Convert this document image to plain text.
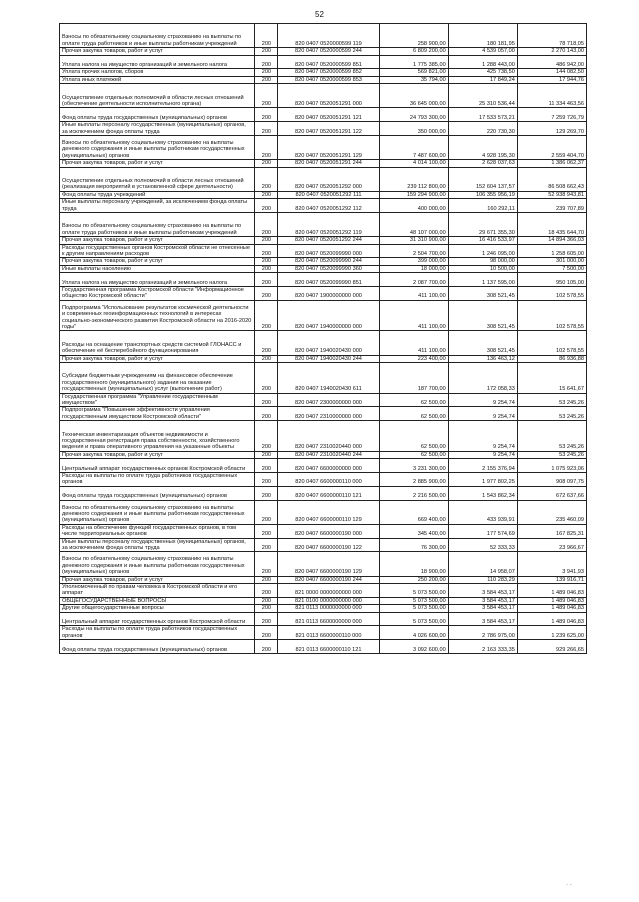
52
Взносы по обязательному социальному страхованию на выплаты по оплате труда работников и иные выплаты работникам учреждений	200	820 0407 0520000599 119	258 900,00	180 181,95	78 718,05
Прочая закупка товаров, работ и услуг	200	820 0407 0520000599 244	6 809 200,00	4 539 057,00	2 270 143,00
Уплата налога на имущество организаций и земельного налога	200	820 0407 0520000599 851	1 775 385,00	1 288 443,00	486 942,00
Уплата прочих налогов, сборов	200	820 0407 0520000599 852	569 821,00	425 738,50	144 082,50
Уплата иных платежей	200	820 0407 0520000599 853	35 794,00	17 849,24	17 944,76
Осуществление отдельных полномочий в области лесных отношений (обеспечение деятельности исполнительного органа)	200	820 0407 0520051291 000	36 645 000,00	25 310 536,44	11 334 463,56
Фонд оплаты труда государственных (муниципальных) органов	200	820 0407 0520051291 121	24 793 300,00	17 533 573,21	7 259 726,79
Иные выплаты персоналу государственных (муниципальных) органов, за исключением фонда оплаты труда	200	820 0407 0520051291 122	350 000,00	220 730,30	129 269,70
Взносы по обязательному социальному страхованию на выплаты денежного содержания и иные выплаты работникам государственных (муниципальных) органов	200	820 0407 0520051291 129	7 487 600,00	4 928 195,30	2 559 404,70
Прочая закупка товаров, работ и услуг	200	820 0407 0520051291 244	4 014 100,00	2 628 037,63	1 386 062,37
Осуществление отдельных полномочий в области лесных отношений (реализация мероприятий в установленной сфере деятельности)	200	820 0407 0520051292 000	239 112 800,00	152 604 137,57	86 508 662,43
Фонд оплаты труда учреждений	200	820 0407 0520051292 111	159 294 900,00	106 355 956,19	52 938 943,81
Иные выплаты персоналу учреждений, за исключением фонда оплаты труда	200	820 0407 0520051292 112	400 000,00	160 292,11	239 707,89
Взносы по обязательному социальному страхованию на выплаты по оплате труда работников и иные выплаты работникам учреждений	200	820 0407 0520051292 119	48 107 000,00	29 671 355,30	18 435 644,70
Прочая закупка товаров, работ и услуг	200	820 0407 0520051292 244	31 310 900,00	16 416 533,97	14 894 366,03
Расходы государственных органов Костромской области не отнесенные к другим направлениям расходов	200	820 0407 0520099990 000	2 504 700,00	1 246 095,00	1 258 605,00
Прочая закупка товаров, работ и услуг	200	820 0407 0520099990 244	399 000,00	98 000,00	301 000,00
Иные выплаты населению	200	820 0407 0520099990 360	18 000,00	10 500,00	7 500,00
Уплата налога на имущество организаций и земельного налога	200	820 0407 0520099990 851	2 087 700,00	1 137 595,00	950 105,00
Государственная программа Костромской области "Информационное общество Костромской области"	200	820 0407 1900000000 000	411 100,00	308 521,45	102 578,55
Подпрограмма "Использование результатов космической деятельности и современных геоинформационных технологий в интересах социально-экономического развития Костромской области на 2016-2020 годы"	200	820 0407 1940000000 000	411 100,00	308 521,45	102 578,55
Расходы на оснащение транспортных средств системой ГЛОНАСС и обеспечение её бесперебойного функционирования	200	820 0407 1940020430 000	411 100,00	308 521,45	102 578,55
Прочая закупка товаров, работ и услуг	200	820 0407 1940020430 244	223 400,00	136 463,12	86 936,88
Субсидии бюджетным учреждениям на финансовое обеспечение государственного (муниципального) задания на оказание государственных (муниципальных) услуг (выполнение работ)	200	820 0407 1940020430 611	187 700,00	172 058,33	15 641,67
Государственная программа "Управление государственным имуществом"	200	820 0407 2300000000 000	62 500,00	9 254,74	53 245,26
Подпрограмма "Повышение эффективности управления государственным имуществом Костромской области"	200	820 0407 2310000000 000	62 500,00	9 254,74	53 245,26
Техническая инвентаризация объектов недвижимости и государственная регистрация права собственности, хозяйственного ведения и права оперативного управления на указанные объекты	200	820 0407 2310020440 000	62 500,00	9 254,74	53 245,26
Прочая закупка товаров, работ и услуг	200	820 0407 2310020440 244	62 500,00	9 254,74	53 245,26
Центральный аппарат государственных органов Костромской области	200	820 0407 6600000000 000	3 231 300,00	2 155 376,94	1 075 923,06
Расходы на выплаты по оплате труда работников государственных органов	200	820 0407 6600000110 000	2 885 900,00	1 977 802,25	908 097,75
Фонд оплаты труда государственных (муниципальных) органов	200	820 0407 6600000110 121	2 216 500,00	1 543 862,34	672 637,66
Взносы по обязательному социальному страхованию на выплаты денежного содержания и иные выплаты работникам государственных (муниципальных) органов	200	820 0407 6600000110 129	669 400,00	433 939,91	235 460,09
Расходы на обеспечение функций государственных органов, в том числе территориальных органов	200	820 0407 6600000190 000	345 400,00	177 574,69	167 825,31
Иные выплаты персоналу государственных (муниципальных) органов, за исключением фонда оплаты труда	200	820 0407 6600000190 122	76 300,00	52 333,33	23 966,67
Взносы по обязательному социальному страхованию на выплаты денежного содержания и иные выплаты работникам государственных (муниципальных) органов	200	820 0407 6600000190 129	18 900,00	14 958,07	3 941,93
Прочая закупка товаров, работ и услуг	200	820 0407 6600000190 244	250 200,00	110 283,29	139 916,71
Уполномоченный по правам человека в Костромской области и его аппарат	200	821 0000 0000000000 000	5 073 500,00	3 584 453,17	1 489 046,83
ОБЩЕГОСУДАРСТВЕННЫЕ ВОПРОСЫ	200	821 0100 0000000000 000	5 073 500,00	3 584 453,17	1 489 046,83
Другие общегосударственные вопросы	200	821 0113 0000000000 000	5 073 500,00	3 584 453,17	1 489 046,83
Центральный аппарат государственных органов Костромской области	200	821 0113 6600000000 000	5 073 500,00	3 584 453,17	1 489 046,83
Расходы на выплаты по оплате труда работников государственных органов	200	821 0113 6600000110 000	4 026 600,00	2 786 975,00	1 239 625,00
Фонд оплаты труда государственных (муниципальных) органов	200	821 0113 6600000110 121	3 092 600,00	2 163 333,35	929 266,65
. .
